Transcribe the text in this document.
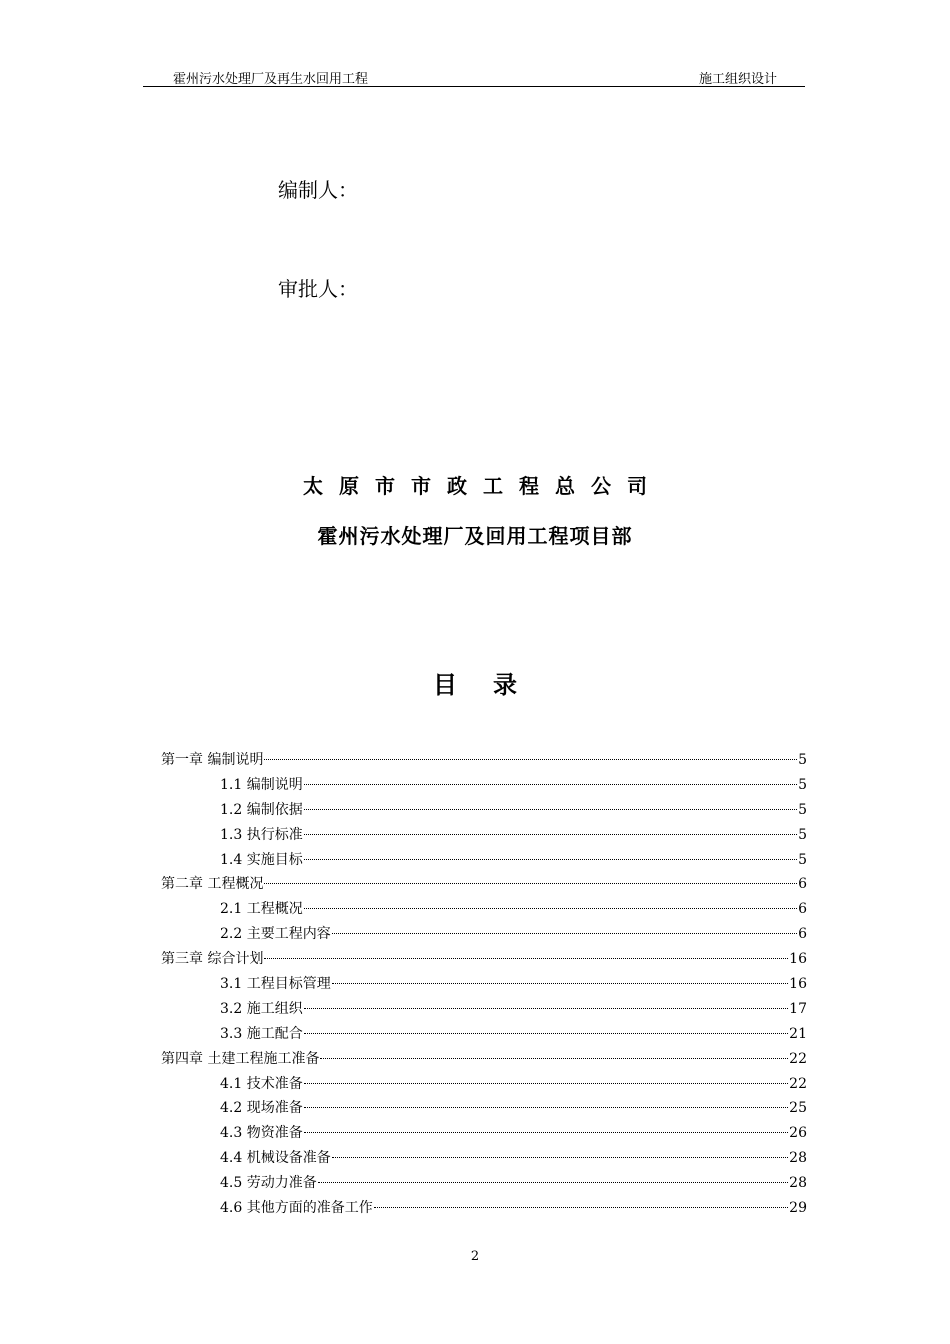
霍州污水处理厂及再生水回用工程	施工组织设计
编制人：
审批人：
太原市市政工程总公司
霍州污水处理厂及回用工程项目部
目录
第一章 编制说明	5
1.1 编制说明	5
1.2 编制依据	5
1.3 执行标准	5
1.4 实施目标	5
第二章 工程概况	6
2.1 工程概况	6
2.2 主要工程内容	6
第三章 综合计划	16
3.1 工程目标管理	16
3.2 施工组织	17
3.3 施工配合	21
第四章 土建工程施工准备	22
4.1 技术准备	22
4.2 现场准备	25
4.3 物资准备	26
4.4 机械设备准备	28
4.5 劳动力准备	28
4.6 其他方面的准备工作	29
2
